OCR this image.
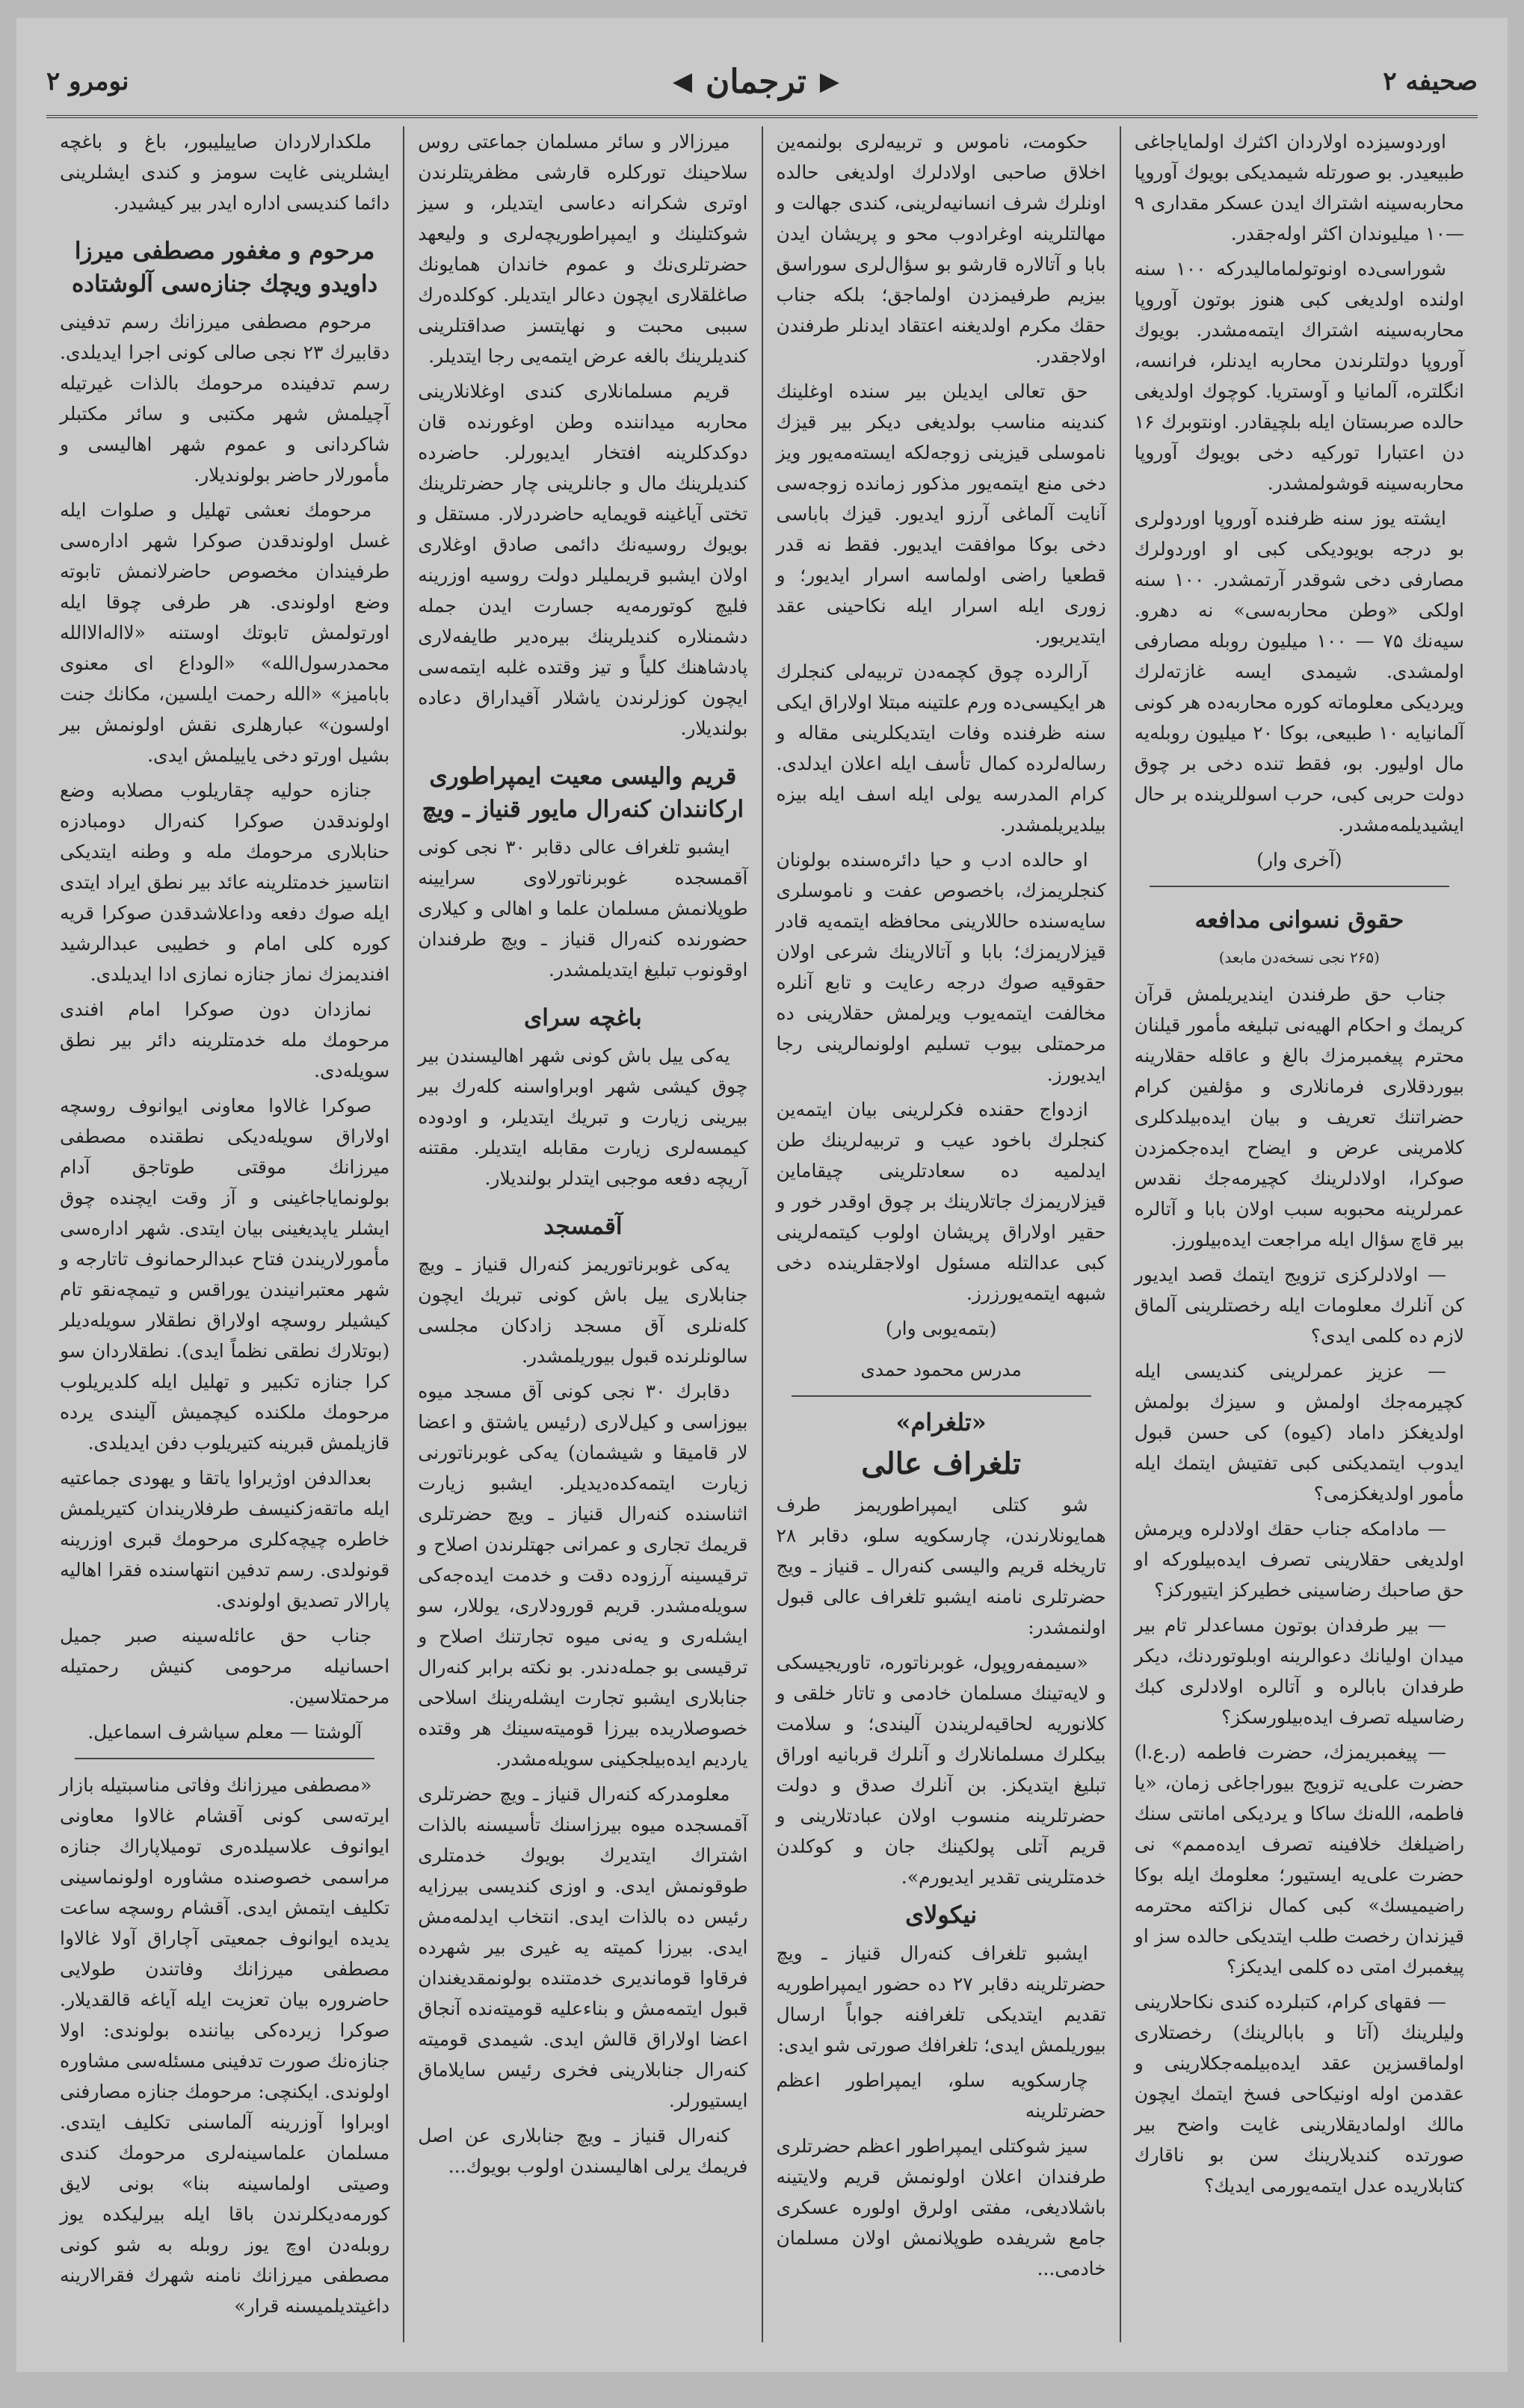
صحیفه ۲
▶
ترجمان
◀
نومرو ۲

اوردوسیزده اولاردان اکثرك اولمایاجاغی طبیعیدر. بو صورتله شیمدیکی بویوك آوروپا محاربه‌سینه اشتراك ایدن عسكر مقداری ۹—۱۰ میلیوندان اكثر اوله‌جقدر.

شوراسی‌ده اونوتولمامالیدرکه ۱۰۰ سنه اولنده اولدیغی کبی هنوز بوتون آوروپا محاربه‌سینه اشتراك ایتمه‌مشدر. بویوك آوروپا دولتلرندن محاربه ایدنلر، فرانسه، انگلتره، آلمانیا و آوستریا. کوچوك اولدیغی حالده صربستان ایله بلچیقادر. اونتوبرك ۱۶ دن اعتبارا تورکیه دخی بویوك آوروپا محاربه‌سینه قوشولمشدر.

ایشته یوز سنه ظرفنده آوروپا اوردولری بو درجه بویودیکی کبی او اوردولرك مصارفی دخی شوقدر آرتمشدر. ۱۰۰ سنه اولکی «وطن محاربه‌سی» نه دهرو. سیه‌نك ۷۵ — ۱۰۰ میلیون روبله مصارفی اولمشدی. شیمدی ایسه غازته‌لرك ویردیکی معلوماته کوره محاربه‌ده هر کونی آلمانیایه ۱۰ طبیعی، بوکا ۲۰ میلیون روبله‌یه مال اولیور. بو، فقط تنده دخی بر چوق دولت حربی کبی، حرب اسوللرینده بر حال ایشیدیلمه‌مشدر.

(آخری وار)
حقوق نسوانی مدافعه
(۲۶۵ نجی نسخه‌دن مابعد)

جناب حق طرفندن ایندیریلمش قرآن کریمك و احکام الهیه‌نی تبلیغه مأمور قیلنان محترم پیغمبرمزك بالغ و عاقله حقلارینه بیوردقلاری فرمانلاری و مؤلفین کرام حضراتنك تعریف و بیان ایده‌بیلدکلری کلامرینی عرض و ایضاح ایده‌جکمزدن صوکرا، اولادلرینك کچیرمه‌جك نقدس عمرلرینه محبوبه سبب اولان بابا و آتالره بیر قاچ سؤال ایله مراجعت ایده‌بیلورز.

— اولادلرکزی تزویج ایتمك قصد ایدیور کن آنلرك معلومات ایله رخصتلرینی آلماق لازم ده کلمی ایدی؟

— عزیز عمرلرینی کندیسی ایله کچیرمه‌جك اولمش و سیزك بولمش اولدیغکز داماد (کیوه) کی حسن قبول ایدوب ایتمدیکنی کبی تفتیش ایتمك ایله مأمور اولدیغکزمی؟

— مادامکه جناب حقك اولادلره ویرمش اولدیغی حقلارینی تصرف ایده‌بیلورکه او حق صاحبك رضاسینی خطیرکز ایتیورکز؟

— بیر طرفدان بوتون مساعدلر تام بیر میدان اولیانك دعوالرینه اوبلوتوردنك، دیکر طرفدان بابالره و آتالره اولادلری کبك رضاسیله تصرف ایده‌بیلورسکز؟

— پیغمبریمزك، حضرت فاطمه (ر.ع.ا) حضرت علی‌یه تزویج بیوراجاغی زمان، «یا فاطمه، الله‌نك ساکا و یردیکی امانتی سنك راضیلغك خلافینه تصرف ایده‌ممم» نی حضرت علی‌یه ایستیور؛ معلومك ایله بوکا راضیمیسك» کبی کمال نزاکته محترمه قیزندان رخصت طلب ایتدیکی حالده سز او پیغمبرك امتی ده کلمی ایدیکز؟

— فقهای کرام، کتبلرده کندی نکاحلارینی ولیلرینك (آتا و بابالرینك) رخصتلاری اولماقسزین عقد ایده‌بیلمه‌جكلارینی و عقدمن اوله اونیکاحی فسخ ایتمك ایچون مالك اولمادیقلارینی غایت واضح بیر صورتده کندیلارینك سن بو ناقارك کتابلاریده عدل ایتمه‌یورمی ایدیك؟

حکومت، ناموس و تربیه‌لری بولنمه‌ین اخلاق صاحبی اولادلرك اولدیغی حالده اونلرك شرف انسانیه‌لرینی، کندی جهالت و مهالتلرینه اوغرادوب محو و پریشان ایدن بابا و آتالاره قارشو بو سؤال‌لری سوراسق بیزیم طرفیمزدن اولماجق؛ بلکه جناب حقك مکرم اولدیغنه اعتقاد ایدنلر طرفندن اولاجقدر.

حق تعالی ایدیلن بیر سنده اوغلینك کندینه مناسب بولدیغی دیکر بیر قیزك ناموسلی قیزینی زوجه‌لکه ایسته‌مه‌یور ویز دخی منع ایتمه‌یور مذکور زمانده زوجه‌سی آنایت آلماغی آرزو ایدیور. قیزك بابا‌سی دخی بوکا موافقت ایدیور. فقط نه قدر قطعیا راضی اولماسه اسرار ایدیور؛ و زوری ایله اسرار ایله نکاحینی عقد ایتدیریور.

آرالرده چوق کچمه‌دن تربیه‌لی کنجلرك هر ایکیسی‌ده ورم علتینه مبتلا اولاراق ایکی سنه ظرفنده وفات ایتدیکلرینی مقاله و رساله‌لرده کمال تأسف ایله اعلان ایدلدی. کرام المدرسه یولی ایله اسف ایله بیزه بیلدیریلمشدر.

او حالده ادب و حیا دائره‌سنده بولونان کنجلریمزك، باخصوص عفت و ناموسلری سایه‌سنده حاللارینی محافظه ایتمه‌یه قادر قیزلاریمزك؛ بابا و آتالارینك شرعی اولان حقوقیه صوك درجه رعایت و تابع آنلره مخالفت ایتمه‌یوب ویرلمش حقلارینی ده مرحمتلی بیوب تسلیم اولونمالرینی رجا ایدیورز.

ازدواج حقنده فکرلرینی بیان ایتمه‌ین کنجلرك باخود عیب و تربیه‌لرینك طن ایدلمیه ده سعادتلرینی چیقاماین قیزلاریمزك جاتلارینك بر چوق اوقدر خور و حقیر اولاراق پریشان اولوب کیتمه‌لرینی کبی عدالتله مسئول اولاجقلرینده دخی شبهه ایتمه‌یورزرز.

(بتمه‌یوبی وار)
مدرس محمود حمدی
«تلغرام»
تلغراف عالی

شو کتلی ایمپراطوریمز طرف همایونلارندن، چارسکویه سلو، دقابر ۲۸ تاریخله قریم والیسی کنه‌رال ـ قنیاز ـ ویج حضرتلری نامنه ایشبو تلغراف عالی قبول اولنمشدر:

«سیمفه‌روپول، غوبرناتوره، تاوریجیسکی و لایه‌تینك مسلمان خادمی و تاتار خلقی و کلانوریه لحاقیه‌لریندن آلیندی؛ و سلامت بیکلرك مسلمانلارك و آنلرك قربانیه اوراق تبلیغ ایتدیکز. بن آنلرك صدق و دولت حضرتلرینه منسوب اولان عبادتلارینی و قریم آتلی پولکینك جان و کوکلدن خدمتلرینی تقدیر ایدیورم».

نیکولای

ایشبو تلغراف کنه‌رال قنیاز ـ ویچ حضرتلرینه دقابر ۲۷ ده حضور ایمپراطوریه تقدیم ایتدیکی تلغرافنه جواباً ارسال بیوریلمش ایدی؛ تلغرافك صورتی شو ایدی:

چارسکویه سلو، ایمپراطور اعظم حضرتلرینه

سیز شوکتلی ایمپراطور اعظم حضرتلری طرفندان اعلان اولونمش قریم ولایتینه باشلادیغی، مفتی اولرق اولوره عسکری جامع شریفده طوپلانمش اولان مسلمان خادمی...

میرزالار و سائر مسلمان جماعتی روس سلاحینك تورکلره قارشی مظفریتلرندن اوتری شکرانه دعاسی ایتدیلر، و سیز شوکتلینك و ایمپراطوریچه‌لری و ولیعهد حضرتلری‌نك و عموم خاندان همایونك صاغلقلاری ایچون دعالر ایتدیلر. کوکلده‌رك سببی محبت و نهایتسز صداقتلرینی کندیلرینك بالغه عرض ایتمه‌یی رجا ایتدیلر.

قریم مسلمانلاری کندی اوغلانلارینی محاربه میداننده وطن اوغورنده قان دوکدکلرینه افتخار ایدیورلر. حاضرده کندیلرینك مال و جانلرینی چار حضرتلرینك تختی آیاغینه قویمایه حاضردرلار. مستقل و بویوك روسیه‌نك دائمی صادق اوغلاری اولان ایشبو قریملیلر دولت روسیه اوزرینه فلیچ کوتورمه‌یه جسارت ایدن جمله دشمنلاره کندیلرینك بیره‌دیر طایفه‌لاری پادشاهنك کلیاً و تیز وقتده غلبه ایتمه‌سی ایچون کوزلرندن یاشلار آقیداراق دعاده بولندیلار.

قریم والیسی معیت ایمپراطوری ارکانندان کنه‌رال مایور قنیاز ـ ویچ

ایشبو تلغراف عالی دقابر ۳۰ نجی کونی آقمسجده غوبرناتورلاوی سرایینه طوپلانمش مسلمان علما و اهالی و کیلاری حضورنده کنه‌رال قنیاز ـ ویچ طرفندان اوقونوب تبلیغ ایتدیلمشدر.

باغچه سرای

یه‌کی ییل باش کونی شهر اهالیسندن بیر چوق کیشی شهر اوبراواسنه کله‌رك بیر بیرینی زیارت و تبریك ایتدیلر، و اودوده کیمسه‌لری زیارت مقابله ایتدیلر. مقتنه آریچه دفعه موجبی ایتدلر بولندیلار.

آقمسجد

یه‌کی غوبرناتوریمز کنه‌رال قنیاز ـ ویچ جنابلاری ییل باش کونی تبریك ایچون کله‌نلری آق مسجد زادکان مجلسی سالونلرنده قبول بیوریلمشدر.

دقابرك ۳۰ نجی کونی آق مسجد میوه بیوزاسی و کیل‌لاری (رئیس یاشتق و اعضا لار قامیقا و شیشمان) یه‌کی غوبرناتورنی زیارت ایتمه‌کده‌دیدیلر. ایشبو زیارت اثناسنده کنه‌رال قنیاز ـ ویچ حضرتلری قریمك تجاری و عمرانی جهتلرندن اصلاح و ترقیسینه آرزوده دقت و خدمت ایده‌جه‌کی سویله‌مشدر. قریم قورودلاری، یوللار، سو ایشله‌ری و یه‌نی میوه تجارتنك اصلاح و ترقیسی بو جمله‌دندر. بو نکته برابر کنه‌رال جنابلاری ایشبو تجارت ایشله‌رینك اسلاحی خصوصلاریده بیرزا قومیته‌سینك هر وقتده یاردیم ایده‌بیلجکینی سویله‌مشدر.

معلومدرکه کنه‌رال قنیاز ـ ویچ حضرتلری آقمسجده میوه بیرزاسنك تأسیسنه بالذات اشتراك ایتدیرك بویوك خدمتلری طوقونمش ایدی. و اوزی کندیسی بیرزایه رئیس ده بالذات ایدی. انتخاب ایدلمه‌مش ایدی. بیرزا کمیته یه غیری بیر شهرده فرقاوا قوماندیری خدمتنده بولونمقدیغندان قبول ایتمه‌مش و بناءعلیه قومیته‌نده آنجاق اعضا اولاراق قالش ایدی. شیمدی قومیته کنه‌رال جنابلارینی فخری رئیس سایلاماق ایستیورلر.

کنه‌رال قنیاز ـ ویچ جنابلاری عن اصل فریمك یرلی اهالیسندن اولوب بویوك...

ملکدارلاردان صاییلیبور، باغ و باغچه ایشلرینی غایت سومز و کندی ایشلرینی دائما کندیسی اداره ایدر بیر کیشیدر.

مرحوم و مغفور مصطفی میرزا داویدو ویچك جنازه‌سی آلوشتاده

مرحوم مصطفی میرزانك رسم تدفینی دقابیرك ۲۳ نجی صالی کونی اجرا ایدیلدی. رسم تدفینده مرحومك بالذات غیرتیله آچیلمش شهر مکتبی و سائر مکتبلر شاکردانی و عموم شهر اهالیسی و مأمورلار حاضر بولوندیلار.

مرحومك نعشی تهلیل و صلوات ایله غسل اولوندقدن صوکرا شهر اداره‌سی طرفیندان مخصوص حاضرلانمش تابوته وضع اولوندی. هر طرفی چوقا ایله اورتولمش تابوتك اوستنه «لااله‌الاالله محمدرسول‌الله» «الوداع ای معنوی بابامیز» «الله رحمت ایلسین، مکانك جنت اولسون» عبارهلری نقش اولونمش بیر بشیل اورتو دخی یاییلمش ایدی.

جنازه حولیه چقاریلوب مصلابه وضع اولوندقدن صوکرا کنه‌رال دومبادزه حنابلاری مرحومك مله و وطنه ایتدیکی انتاسیز خدمتلرینه عائد بیر نطق ایراد ایتدی ایله صوك دفعه وداعلاشدقدن صوکرا قریه کوره کلی امام و خطیبی عبدالرشید افندیمزك نماز جنازه نمازی ادا ایدیلدی.

نمازدان دون صوکرا امام افندی مرحومك مله خدمتلرینه دائر بیر نطق سویله‌دی.

صوکرا غالاوا معاونی ایوانوف روسچه اولاراق سویله‌دیکی نطقنده مصطفی میرزانك موقتی طوتاجق آدام بولونمایاجاغینی و آز وقت ایچنده چوق ایشلر یاپدیغینی بیان ایتدی. شهر اداره‌سی مأمورلاریندن فتاح عبدالرحمانوف تاتارجه و شهر معتبرانیندن یوراقس و تیمچه‌نقو تام کیشیلر روسچه اولاراق نطقلار سویله‌دیلر (بوتلارك نطقی نظماً ایدی). نطقلاردان سو کرا جنازه تکبیر و تهلیل ایله کلدیریلوب مرحومك ملکنده کیچمیش آلیندی یرده قازیلمش قبرینه کتیریلوب دفن ایدیلدی.

بعدالدفن اوژیراوا یاتقا و یهودی جماعتیه ایله ماتقه‌زکنیسف طرفلاریندان کتیریلمش خاطره چیچه‌کلری مرحومك قبری اوزرینه قونولدی. رسم تدفین انتهاسنده فقرا اهالیه پارالار تصدیق اولوندی.

جناب حق عائله‌سینه صبر جمیل احسانیله مرحومی کنیش رحمتیله مرحمتلاسین.

آلوشتا — معلم سیاشرف اسماعیل.

«مصطفی میرزانك وفاتی مناسبتیله بازار ایرته‌سی کونی آقشام غالاوا معاونی ایوانوف علاسیلده‌ری تومیلاپاراك جنازه مراسمی خصوصنده مشاوره اولونماسینی تکلیف ایتمش ایدی. آقشام روسچه ساعت یدیده ایوانوف جمعیتی آچاراق آولا غالاوا مصطفی میرزانك وفاتندن طولایی حاضروره بیان تعزیت ایله آیاغه قالقدیلار. صوکرا زیرده‌کی بیاننده بولوندی: اولا جنازه‌نك صورت تدفینی مسئله‌سی مشاوره اولوندی. ایکنچی: مرحومك جنازه مصارفنی اوبراوا آوزرینه آلماسنی تکلیف ایتدی. مسلمان علماسینه‌لری مرحومك کندی وصیتی اولماسینه بنا» بونی لایق کورمه‌دیکلرندن باقا ایله بیرلیکده یوز روبله‌دن اوچ یوز روبله به شو کونی مصطفی میرزانك نامنه شهرك فقرالارینه داغیتدیلمیسنه قرار»
